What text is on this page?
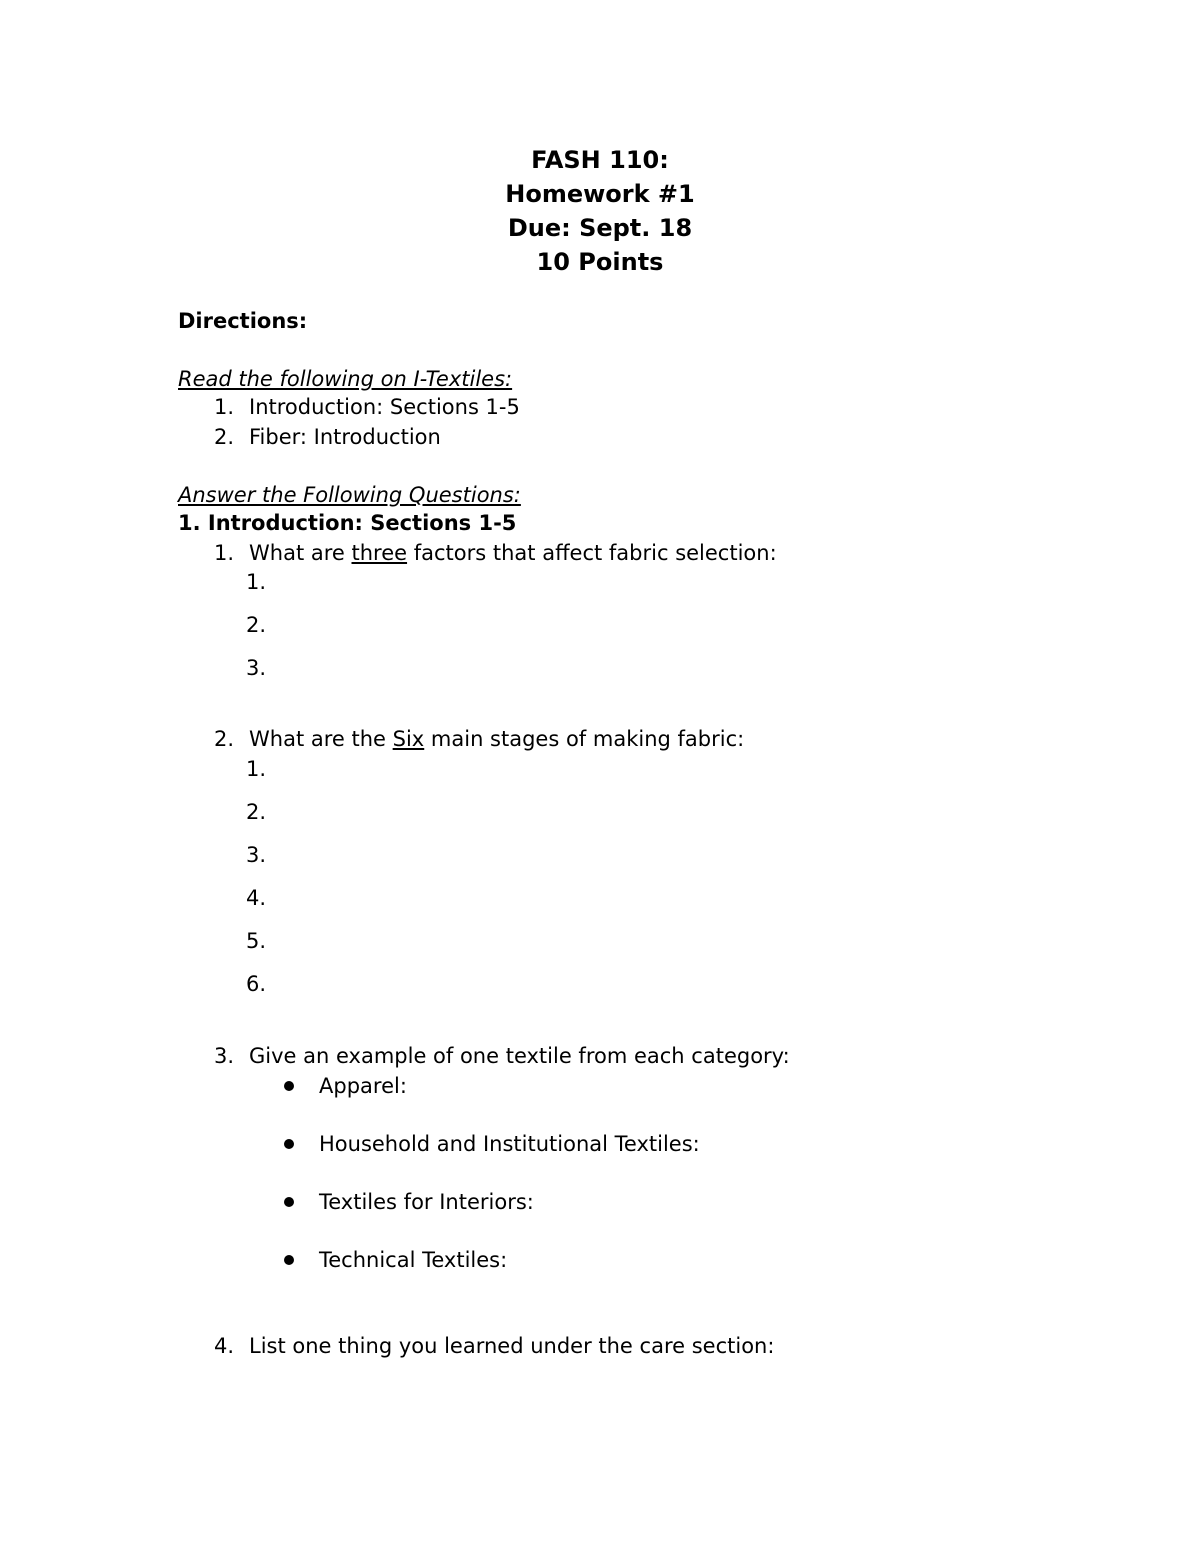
FASH 110:
Homework #1
Due: Sept. 18
10 Points
Directions:
Read the following on I-Textiles:
1. Introduction: Sections 1-5
2. Fiber: Introduction
Answer the Following Questions:
1. Introduction: Sections 1-5
1. What are three factors that affect fabric selection:
1.
2.
3.
2. What are the Six main stages of making fabric:
1.
2.
3.
4.
5.
6.
3. Give an example of one textile from each category:
Apparel:
Household and Institutional Textiles:
Textiles for Interiors:
Technical Textiles:
4. List one thing you learned under the care section:
